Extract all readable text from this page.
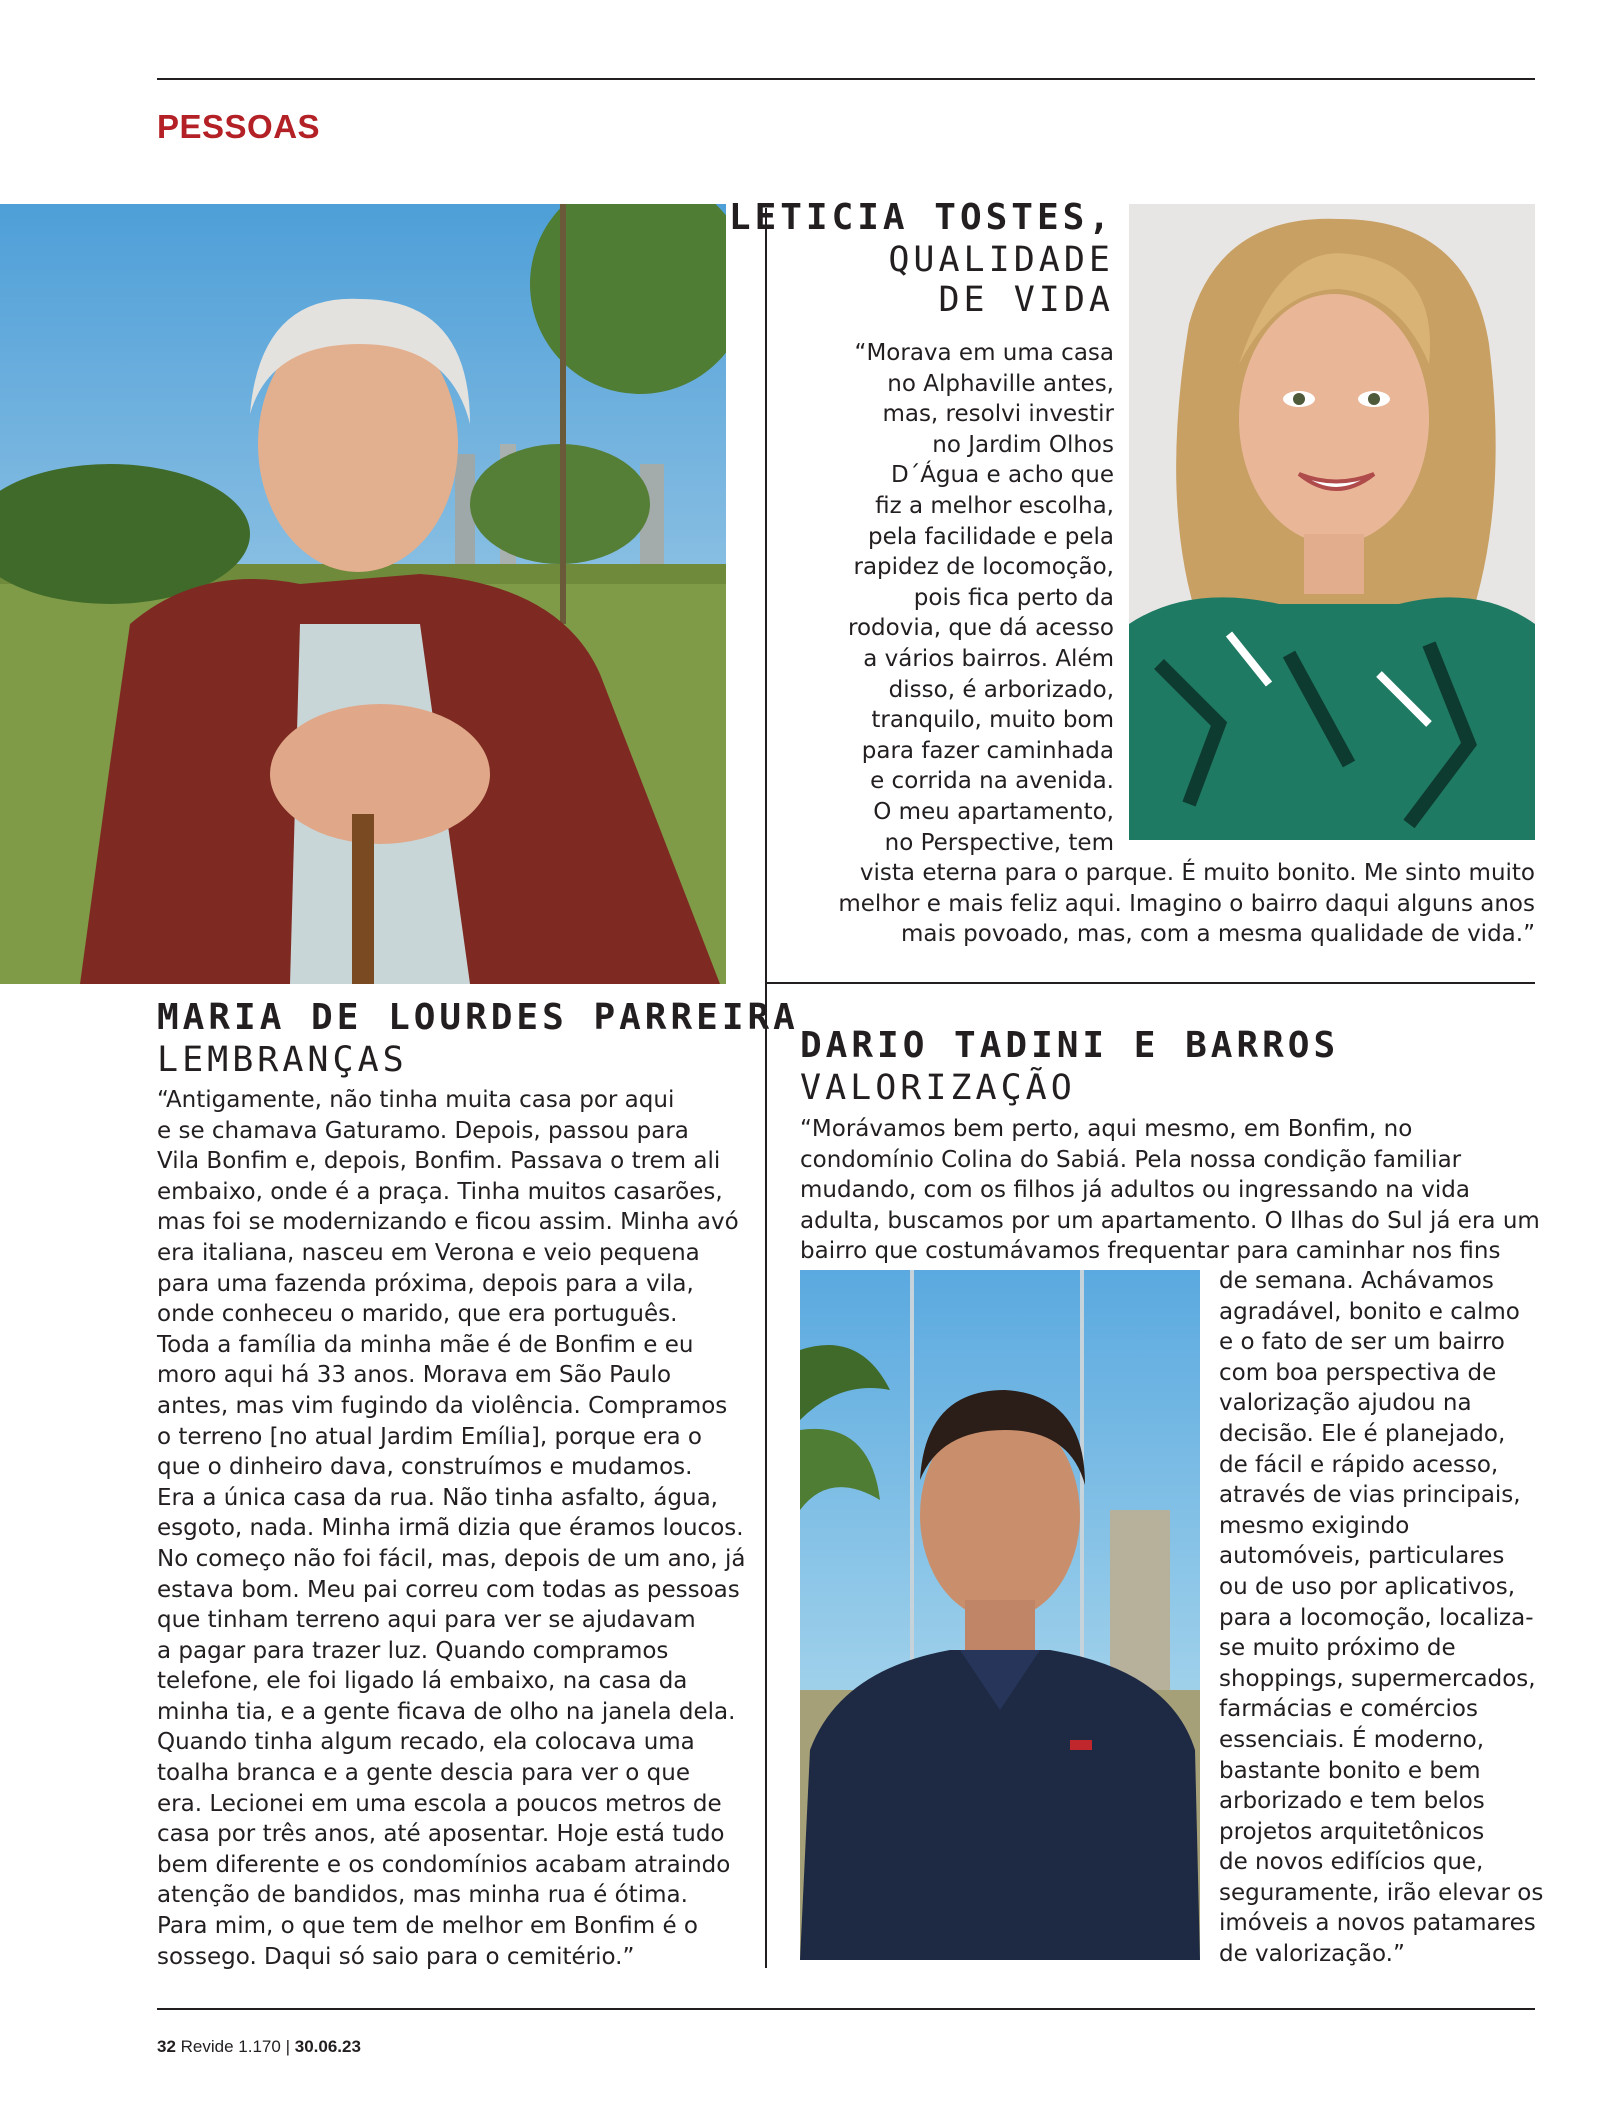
PESSOAS
LETICIA TOSTES,
QUALIDADE
DE VIDA
“Morava em uma casa
no Alphaville antes,
mas, resolvi investir
no Jardim Olhos
D´Água e acho que
fiz a melhor escolha,
pela facilidade e pela
rapidez de locomoção,
pois fica perto da
rodovia, que dá acesso
a vários bairros. Além
disso, é arborizado,
tranquilo, muito bom
para fazer caminhada
e corrida na avenida.
O meu apartamento,
no Perspective, tem
vista eterna para o parque. É muito bonito. Me sinto muito
melhor e mais feliz aqui. Imagino o bairro daqui alguns anos
mais povoado, mas, com a mesma qualidade de vida.”
MARIA DE LOURDES PARREIRA
LEMBRANÇAS
“Antigamente, não tinha muita casa por aqui
e se chamava Gaturamo. Depois, passou para
Vila Bonfim e, depois, Bonfim. Passava o trem ali
embaixo, onde é a praça. Tinha muitos casarões,
mas foi se modernizando e ficou assim. Minha avó
era italiana, nasceu em Verona e veio pequena
para uma fazenda próxima, depois para a vila,
onde conheceu o marido, que era português.
Toda a família da minha mãe é de Bonfim e eu
moro aqui há 33 anos. Morava em São Paulo
antes, mas vim fugindo da violência. Compramos
o terreno [no atual Jardim Emília], porque era o
que o dinheiro dava, construímos e mudamos.
Era a única casa da rua. Não tinha asfalto, água,
esgoto, nada. Minha irmã dizia que éramos loucos.
No começo não foi fácil, mas, depois de um ano, já
estava bom. Meu pai correu com todas as pessoas
que tinham terreno aqui para ver se ajudavam
a pagar para trazer luz. Quando compramos
telefone, ele foi ligado lá embaixo, na casa da
minha tia, e a gente ficava de olho na janela dela.
Quando tinha algum recado, ela colocava uma
toalha branca e a gente descia para ver o que
era. Lecionei em uma escola a poucos metros de
casa por três anos, até aposentar. Hoje está tudo
bem diferente e os condomínios acabam atraindo
atenção de bandidos, mas minha rua é ótima.
Para mim, o que tem de melhor em Bonfim é o
sossego. Daqui só saio para o cemitério.”
DARIO TADINI E BARROS
VALORIZAÇÃO
“Morávamos bem perto, aqui mesmo, em Bonfim, no
condomínio Colina do Sabiá. Pela nossa condição familiar
mudando, com os filhos já adultos ou ingressando na vida
adulta, buscamos por um apartamento. O Ilhas do Sul já era um
bairro que costumávamos frequentar para caminhar nos fins
de semana. Achávamos
agradável, bonito e calmo
e o fato de ser um bairro
com boa perspectiva de
valorização ajudou na
decisão. Ele é planejado,
de fácil e rápido acesso,
através de vias principais,
mesmo exigindo
automóveis, particulares
ou de uso por aplicativos,
para a locomoção, localiza-
se muito próximo de
shoppings, supermercados,
farmácias e comércios
essenciais. É moderno,
bastante bonito e bem
arborizado e tem belos
projetos arquitetônicos
de novos edifícios que,
seguramente, irão elevar os
imóveis a novos patamares
de valorização.”
32 Revide 1.170 | 30.06.23
